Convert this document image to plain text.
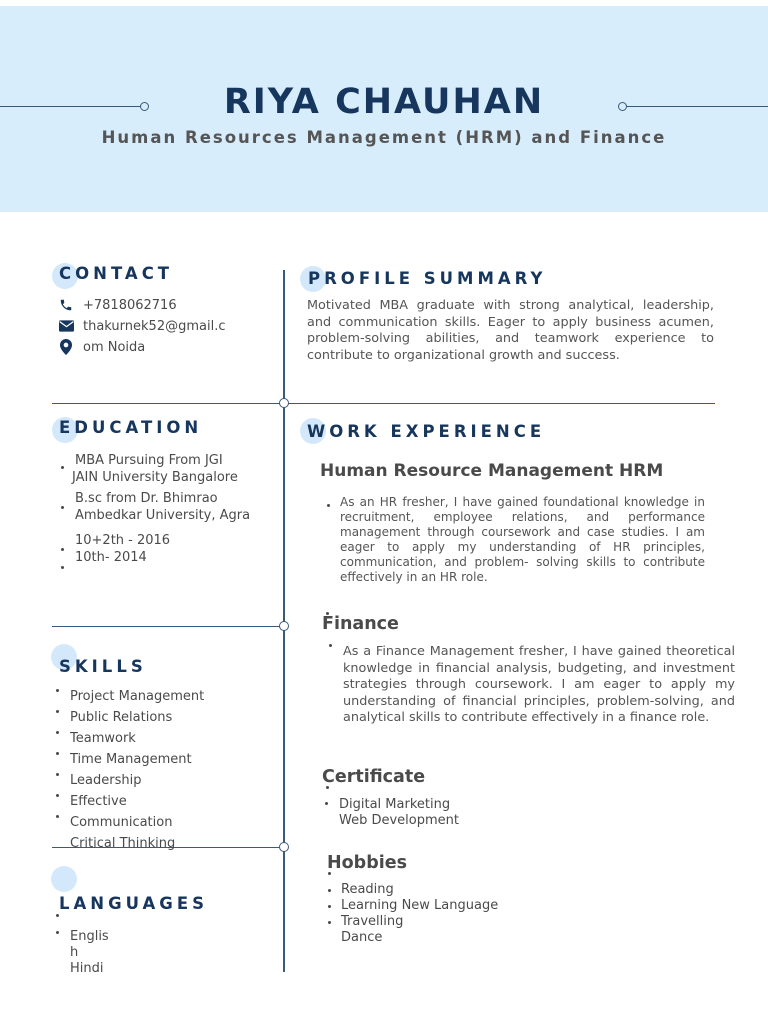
RIYA CHAUHAN
Human Resources Management (HRM) and Finance
CONTACT
+7818062716
thakurnek52@gmail.c
om Noida
PROFILE SUMMARY
Motivated MBA graduate with strong analytical, leadership, and communication skills. Eager to apply business acumen, problem-solving abilities, and teamwork experience to contribute to organizational growth and success.
EDUCATION
MBA Pursuing From JGI
JAIN University Bangalore
B.sc from Dr. Bhimrao
Ambedkar University, Agra
10+2th - 2016
10th- 2014
WORK EXPERIENCE
Human Resource Management HRM
As an HR fresher, I have gained foundational knowledge in recruitment, employee relations, and performance management through coursework and case studies. I am eager to apply my understanding of HR principles, communication, and problem- solving skills to contribute effectively in an HR role.
Finance
As a Finance Management fresher, I have gained theoretical knowledge in financial analysis, budgeting, and investment strategies through coursework. I am eager to apply my understanding of financial principles, problem-solving, and analytical skills to contribute effectively in a finance role.
Certificate
Digital Marketing
Web Development
Hobbies
Reading
Learning New Language
Travelling
Dance
SKILLS
Project Management
Public Relations
Teamwork
Time Management
Leadership
Effective
Communication
Critical Thinking
LANGUAGES
Englis
h
Hindi
